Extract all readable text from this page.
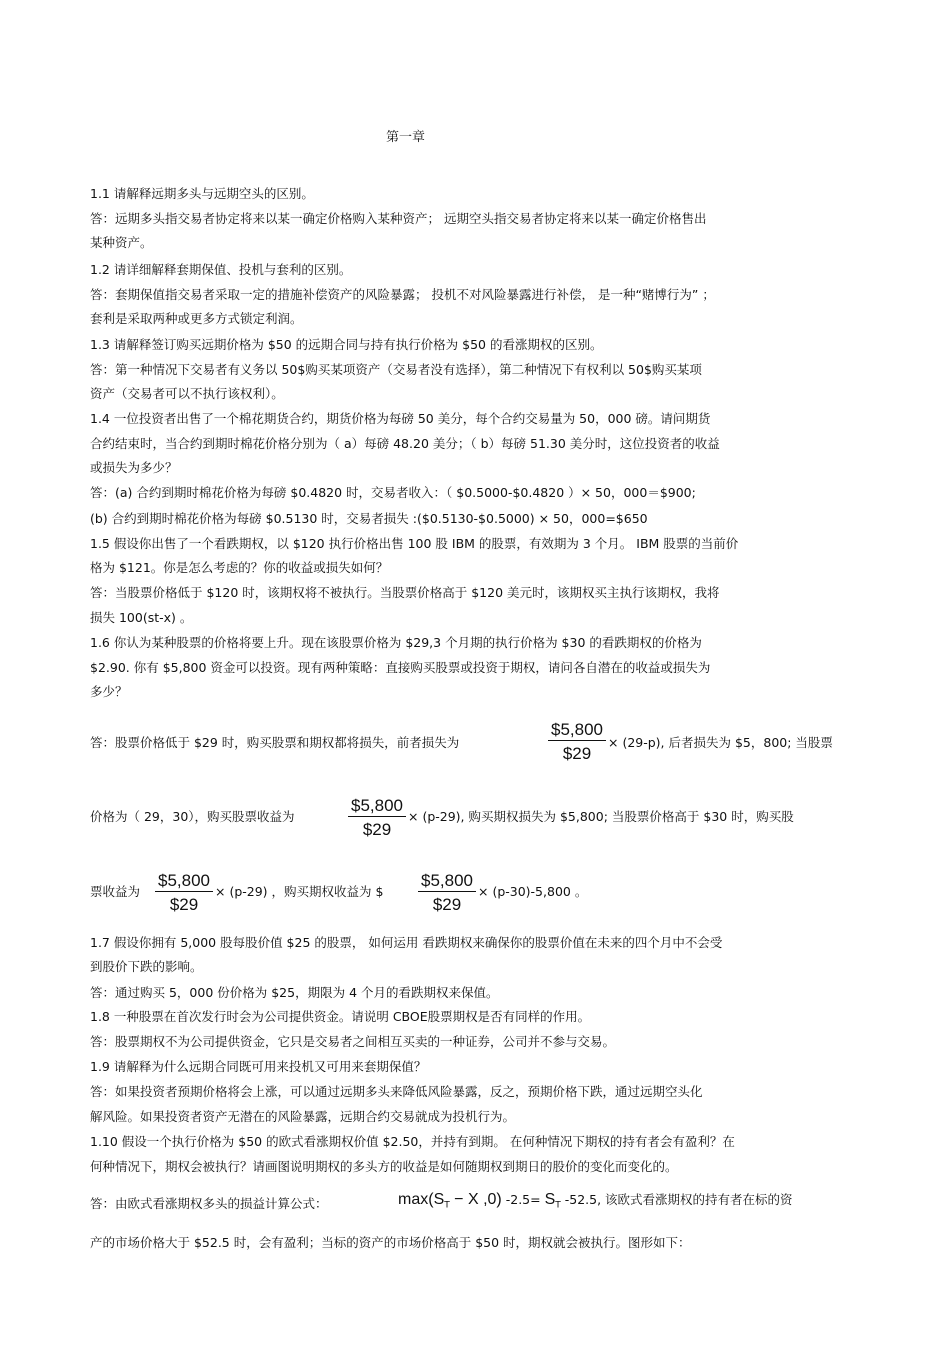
第一章
1.1 请解释远期多头与远期空头的区别。
答：远期多头指交易者协定将来以某一确定价格购入某种资产； 远期空头指交易者协定将来以某一确定价格售出
某种资产。
1.2 请详细解释套期保值、投机与套利的区别。
答：套期保值指交易者采取一定的措施补偿资产的风险暴露； 投机不对风险暴露进行补偿， 是一种“赌博行为” ；
套利是采取两种或更多方式锁定利润。
1.3 请解释签订购买远期价格为 $50 的远期合同与持有执行价格为 $50 的看涨期权的区别。
答：第一种情况下交易者有义务以 50$购买某项资产（交易者没有选择），第二种情况下有权利以 50$购买某项
资产（交易者可以不执行该权利）。
1.4 一位投资者出售了一个棉花期货合约，期货价格为每磅 50 美分，每个合约交易量为 50，000 磅。请问期货
合约结束时，当合约到期时棉花价格分别为（ a）每磅 48.20 美分；（ b）每磅 51.30 美分时，这位投资者的收益
或损失为多少？
答：(a) 合约到期时棉花价格为每磅 $0.4820 时，交易者收入：（ $0.5000-$0.4820 ）× 50，000＝$900;
(b) 合约到期时棉花价格为每磅 $0.5130 时，交易者损失 :($0.5130-$0.5000) × 50，000=$650
1.5 假设你出售了一个看跌期权，以 $120 执行价格出售 100 股 IBM 的股票，有效期为 3 个月。 IBM 股票的当前价
格为 $121。你是怎么考虑的？你的收益或损失如何？
答：当股票价格低于 $120 时，该期权将不被执行。当股票价格高于 $120 美元时，该期权买主执行该期权，我将
损失 100(st-x) 。
1.6 你认为某种股票的价格将要上升。现在该股票价格为 $29,3 个月期的执行价格为 $30 的看跌期权的价格为
$2.90. 你有 $5,800 资金可以投资。现有两种策略：直接购买股票或投资于期权，请问各自潜在的收益或损失为
多少？
答：股票价格低于 $29 时，购买股票和期权都将损失，前者损失为	$\frac{\$5,800}{\$29} \times (29-p)$, 后者损失为 $5，800; 当股票
价格为（ 29，30），购买股票收益为	$\frac{\$5,800}{\$29} \times (p-29)$, 购买期权损失为 $5,800; 当股票价格高于 $30 时，购买股
票收益为 $\frac{\$5,800}{\$29} \times (p-29)$ ，购买期权收益为 $ $\frac{\$5,800}{\$29} \times (p-30)-5,800$ 。
1.7 假设你拥有 5,000 股每股价值 $25 的股票， 如何运用 看跌期权来确保你的股票价值在未来的四个月中不会受
到股价下跌的影响。
答：通过购买 5，000 份价格为 $25，期限为 4 个月的看跌期权来保值。
1.8 一种股票在首次发行时会为公司提供资金。请说明 CBOE股票期权是否有同样的作用。
答：股票期权不为公司提供资金，它只是交易者之间相互买卖的一种证券，公司并不参与交易。
1.9 请解释为什么远期合同既可用来投机又可用来套期保值？
答：如果投资者预期价格将会上涨，可以通过远期多头来降低风险暴露，反之，预期价格下跌，通过远期空头化
解风险。如果投资者资产无潜在的风险暴露，远期合约交易就成为投机行为。
1.10 假设一个执行价格为 $50 的欧式看涨期权价值 $2.50，并持有到期。 在何种情况下期权的持有者会有盈利？在
何种情况下，期权会被执行？请画图说明期权的多头方的收益是如何随期权到期日的股价的变化而变化的。
答：由欧式看涨期权多头的损益计算公式：	$\max(S_T - X$ ,0) $-2.5= S_T$ -52.5, 该欧式看涨期权的持有者在标的资
产的市场价格大于 $52.5 时，会有盈利；当标的资产的市场价格高于 $50 时，期权就会被执行。图形如下：
